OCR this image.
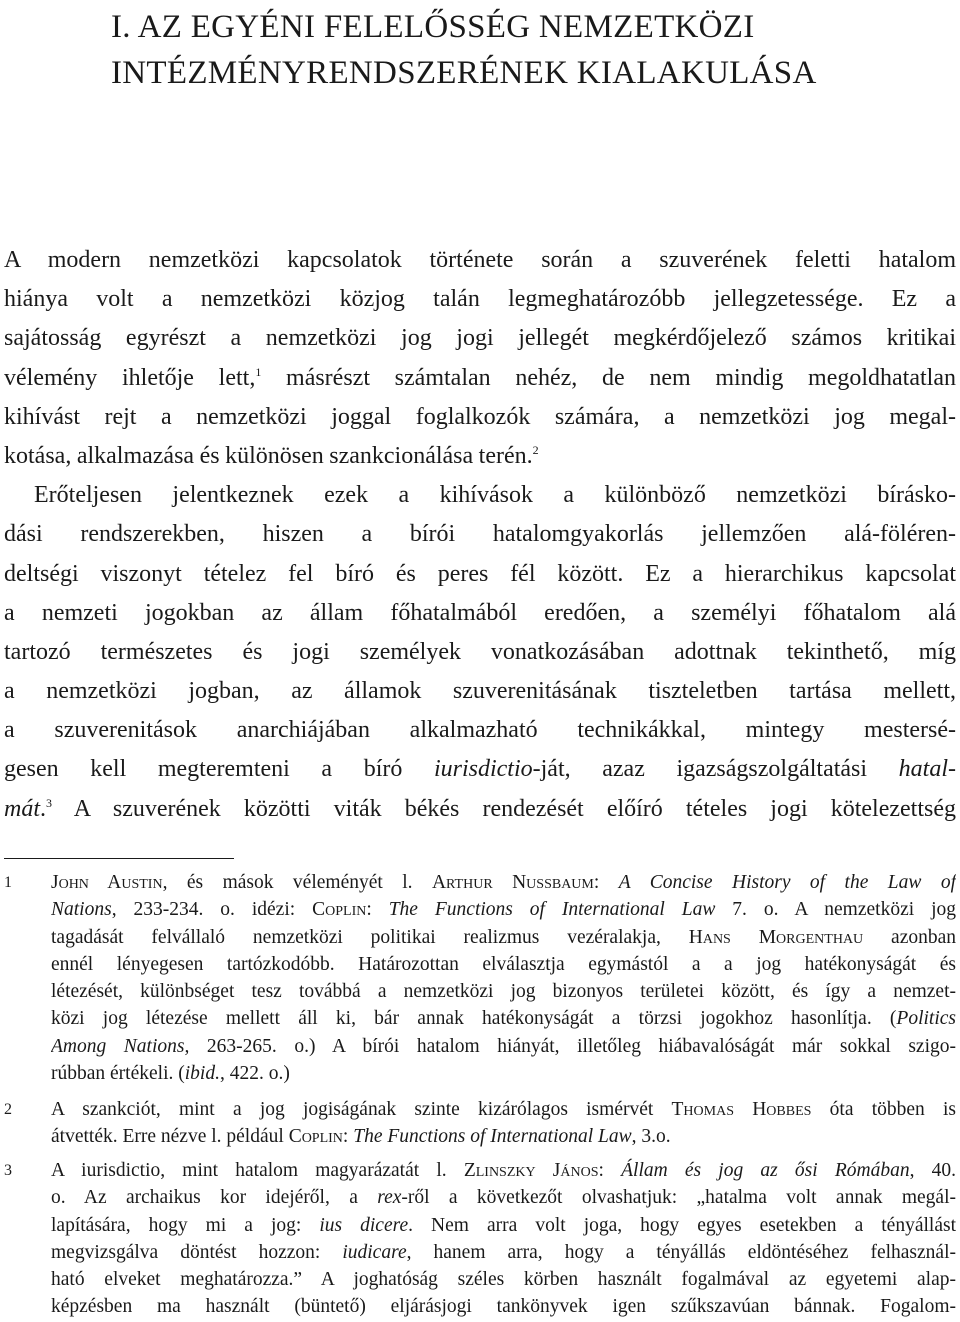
I. AZ EGYÉNI FELELŐSSÉG NEMZETKÖZI
INTÉZMÉNYRENDSZERÉNEK KIALAKULÁSA
A modern nemzetközi kapcsolatok története során a szuverének feletti hatalom
hiánya volt a nemzetközi közjog talán legmeghatározóbb jellegzetessége. Ez a
sajátosság egyrészt a nemzetközi jog jogi jellegét megkérdőjelező számos kritikai
vélemény ihletője lett,$^1$ másrészt számtalan nehéz, de nem mindig megoldhatatlan
kihívást rejt a nemzetközi joggal foglalkozók számára, a nemzetközi jog megal-
kotása, alkalmazása és különösen szankcionálása terén.$^2$
Erőteljesen jelentkeznek ezek a kihívások a különböző nemzetközi bírásko-
dási rendszerekben, hiszen a bírói hatalomgyakorlás jellemzően alá-föléren-
deltségi viszonyt tételez fel bíró és peres fél között. Ez a hierarchikus kapcsolat
a nemzeti jogokban az állam főhatalmából eredően, a személyi főhatalom alá
tartozó természetes és jogi személyek vonatkozásában adottnak tekinthető, míg
a nemzetközi jogban, az államok szuverenitásának tiszteletben tartása mellett,
a szuverenitások anarchiájában alkalmazható technikákkal, mintegy mestersé-
gesen kell megteremteni a bíró iurisdictio-ját, azaz igazságszolgáltatási hatal-
mát.$^3$ A szuverének közötti viták békés rendezését előíró tételes jogi kötelezettség
1 John Austin, és mások véleményét l. Arthur Nussbaum: A Concise History of the Law of
Nations, 233-234. o. idézi: Coplin: The Functions of International Law 7. o. A nemzetközi jog
tagadását felvállaló nemzetközi politikai realizmus vezéralakja, Hans Morgenthau azonban
ennél lényegesen tartózkodóbb. Határozottan elválasztja egymástól a a jog hatékonyságát és
létezését, különbséget tesz továbbá a nemzetközi jog bizonyos területei között, és így a nemzet-
közi jog létezése mellett áll ki, bár annak hatékonyságát a törzsi jogokhoz hasonlítja. (Politics
Among Nations, 263-265. o.) A bírói hatalom hiányát, illetőleg hiábavalóságát már sokkal szigo-
rúbban értékeli. (ibid., 422. o.)
2 A szankciót, mint a jog jogiságának szinte kizárólagos ismérvét Thomas Hobbes óta többen is
átvették. Erre nézve l. például Coplin: The Functions of International Law, 3.o.
3 A iurisdictio, mint hatalom magyarázatát l. Zlinszky János: Állam és jog az ősi Rómában, 40.
o. Az archaikus kor idejéről, a rex-ről a következőt olvashatjuk: „hatalma volt annak megál-
lapítására, hogy mi a jog: ius dicere. Nem arra volt joga, hogy egyes esetekben a tényállást
megvizsgálva döntést hozzon: iudicare, hanem arra, hogy a tényállás eldöntéséhez felhasznál-
ható elveket meghatározza.” A joghatóság széles körben használt fogalmával az egyetemi alap-
képzésben ma használt (büntető) eljárásjogi tankönyvek igen szűkszavúan bánnak. Fogalom-
